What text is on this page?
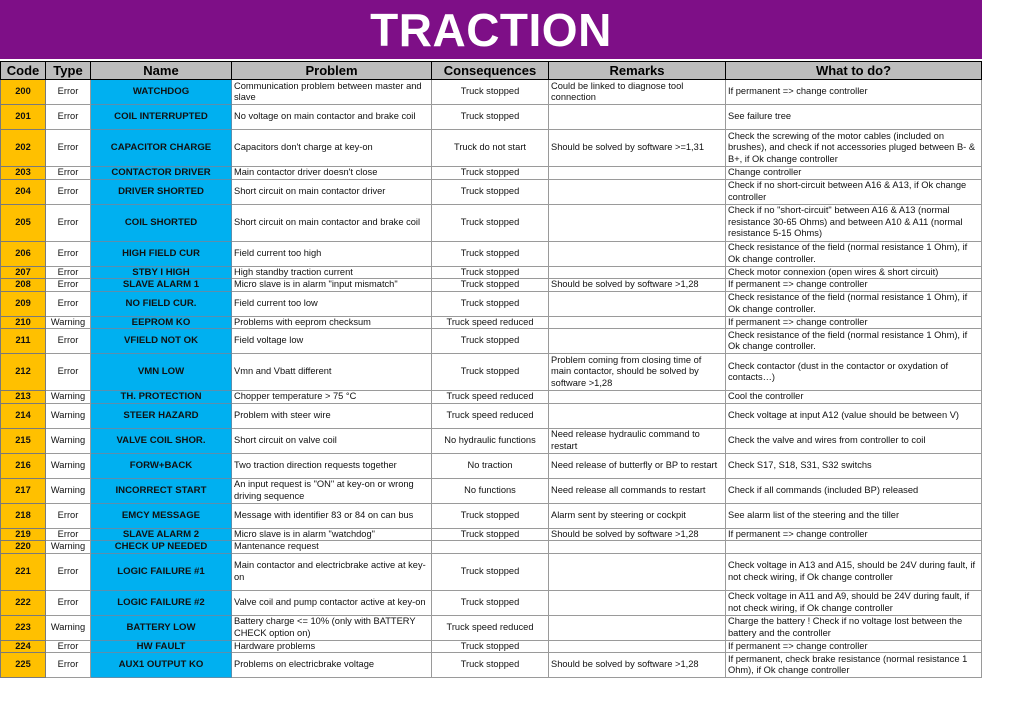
TRACTION
Code	Type	Name	Problem	Consequences	Remarks	What to do?
200	Error	WATCHDOG	Communication problem between master and slave	Truck stopped	Could be linked to diagnose tool connection	If permanent => change controller
201	Error	COIL INTERRUPTED	No voltage on main contactor and brake coil	Truck stopped		See failure tree
202	Error	CAPACITOR CHARGE	Capacitors don't charge at key-on	Truck do not start	Should be solved by software >=1,31	Check the screwing of the motor cables (included on brushes), and check if not accessories pluged between B- & B+, if Ok change controller
203	Error	CONTACTOR DRIVER	Main contactor driver doesn't close	Truck stopped		Change controller
204	Error	DRIVER SHORTED	Short circuit on main contactor driver	Truck stopped		Check if no short-circuit between A16 & A13, if Ok change controller
205	Error	COIL SHORTED	Short circuit on main contactor and brake coil	Truck stopped		Check if no "short-circuit" between A16 & A13 (normal resistance 30-65 Ohms) and between A10 & A11 (normal resistance 5-15 Ohms)
206	Error	HIGH FIELD CUR	Field current too high	Truck stopped		Check resistance of the field (normal resistance 1 Ohm), if Ok change controller.
207	Error	STBY I HIGH	High standby traction current	Truck stopped		Check motor connexion (open wires & short circuit)
208	Error	SLAVE ALARM 1	Micro slave is in alarm "input mismatch"	Truck stopped	Should be solved by software >1,28	If permanent => change controller
209	Error	NO FIELD CUR.	Field current too low	Truck stopped		Check resistance of the field (normal resistance 1 Ohm), if Ok change controller.
210	Warning	EEPROM KO	Problems with eeprom checksum	Truck speed reduced		If permanent => change controller
211	Error	VFIELD NOT OK	Field voltage low	Truck stopped		Check resistance of the field (normal resistance 1 Ohm), if Ok change controller.
212	Error	VMN LOW	Vmn and Vbatt different	Truck stopped	Problem coming from closing time of main contactor, should be solved by software >1,28	Check contactor (dust in the contactor or oxydation of contacts…)
213	Warning	TH. PROTECTION	Chopper temperature > 75 °C	Truck speed reduced		Cool the controller
214	Warning	STEER HAZARD	Problem with steer wire	Truck speed reduced		Check voltage at input A12 (value should be between V)
215	Warning	VALVE COIL SHOR.	Short circuit on valve coil	No hydraulic functions	Need release hydraulic command to restart	Check the valve and wires from controller to coil
216	Warning	FORW+BACK	Two traction direction requests together	No traction	Need release of butterfly or BP to restart	Check S17, S18, S31, S32 switchs
217	Warning	INCORRECT START	An input request is "ON" at key-on or wrong driving sequence	No functions	Need release all commands to restart	Check if all commands (included BP) released
218	Error	EMCY MESSAGE	Message with identifier 83 or 84 on can bus	Truck stopped	Alarm sent by steering or cockpit	See alarm list of the steering and the tiller
219	Error	SLAVE ALARM 2	Micro slave is in alarm "watchdog"	Truck stopped	Should be solved by software >1,28	If permanent => change controller
220	Warning	CHECK UP NEEDED	Mantenance request			
221	Error	LOGIC FAILURE #1	Main contactor and electricbrake active at key-on	Truck stopped		Check voltage in A13 and A15, should be 24V during fault, if not check wiring, if Ok change controller
222	Error	LOGIC FAILURE #2	Valve coil and pump contactor active at key-on	Truck stopped		Check voltage in A11 and A9, should be 24V during fault, if not check wiring, if Ok change controller
223	Warning	BATTERY LOW	Battery charge <= 10% (only with BATTERY CHECK option on)	Truck speed reduced		Charge the battery ! Check if no voltage lost between the battery and the controller
224	Error	HW FAULT	Hardware problems	Truck stopped		If permanent => change controller
225	Error	AUX1 OUTPUT KO	Problems on electricbrake voltage	Truck stopped	Should be solved by software >1,28	If permanent, check brake resistance (normal resistance 1 Ohm), if Ok change controller
